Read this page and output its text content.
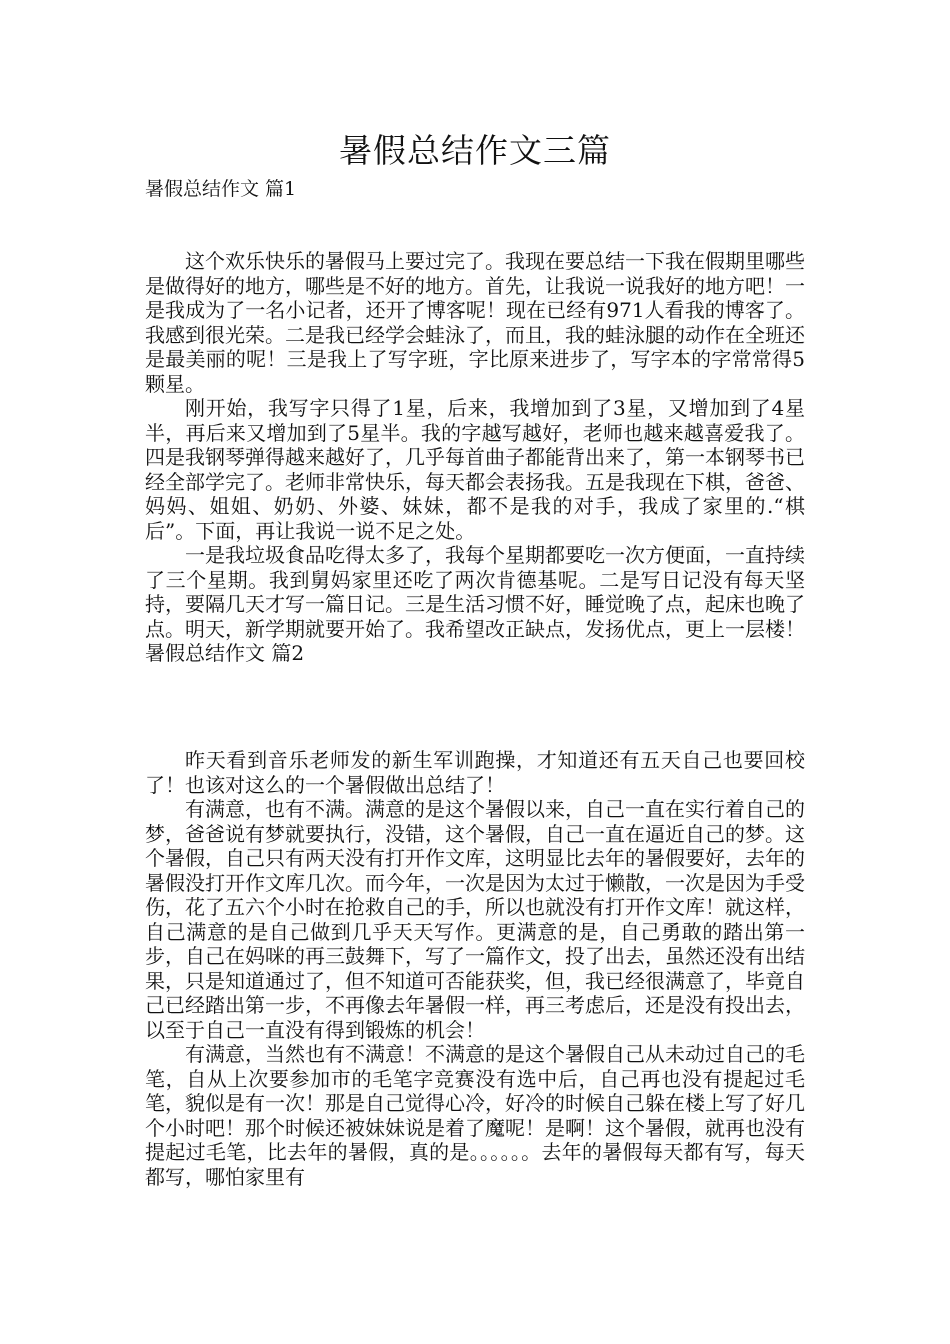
暑假总结作文三篇
暑假总结作文 篇1

这个欢乐快乐的暑假马上要过完了。我现在要总结一下我在假期里哪些是做得好的地方，哪些是不好的地方。首先，让我说一说我好的地方吧！一是我成为了一名小记者，还开了博客呢！现在已经有971人看我的博客了。我感到很光荣。二是我已经学会蛙泳了，而且，我的蛙泳腿的动作在全班还是最美丽的呢！三是我上了写字班，字比原来进步了，写字本的字常常得5颗星。

刚开始，我写字只得了1星，后来，我增加到了3星，又增加到了4星半，再后来又增加到了5星半。我的字越写越好，老师也越来越喜爱我了。四是我钢琴弹得越来越好了，几乎每首曲子都能背出来了，第一本钢琴书已经全部学完了。老师非常快乐，每天都会表扬我。五是我现在下棋，爸爸、妈妈、姐姐、奶奶、外婆、妹妹，都不是我的对手，我成了家里的.“棋后”。下面，再让我说一说不足之处。

一是我垃圾食品吃得太多了，我每个星期都要吃一次方便面，一直持续了三个星期。我到舅妈家里还吃了两次肯德基呢。二是写日记没有每天坚持，要隔几天才写一篇日记。三是生活习惯不好，睡觉晚了点，起床也晚了点。明天，新学期就要开始了。我希望改正缺点，发扬优点，更上一层楼！暑假总结作文 篇2

昨天看到音乐老师发的新生军训跑操，才知道还有五天自己也要回校了！也该对这么的一个暑假做出总结了！

有满意，也有不满。满意的是这个暑假以来，自己一直在实行着自己的梦，爸爸说有梦就要执行，没错，这个暑假，自己一直在逼近自己的梦。这个暑假，自己只有两天没有打开作文库，这明显比去年的暑假要好，去年的暑假没打开作文库几次。而今年，一次是因为太过于懒散，一次是因为手受伤，花了五六个小时在抢救自己的手，所以也就没有打开作文库！就这样，自己满意的是自己做到几乎天天写作。更满意的是，自己勇敢的踏出第一步，自己在妈咪的再三鼓舞下，写了一篇作文，投了出去，虽然还没有出结果，只是知道通过了，但不知道可否能获奖，但，我已经很满意了，毕竟自己已经踏出第一步，不再像去年暑假一样，再三考虑后，还是没有投出去，以至于自己一直没有得到锻炼的机会！

有满意，当然也有不满意！不满意的是这个暑假自己从未动过自己的毛笔，自从上次要参加市的毛笔字竞赛没有选中后，自己再也没有提起过毛笔，貌似是有一次！那是自己觉得心冷，好冷的时候自己躲在楼上写了好几个小时吧！那个时候还被妹妹说是着了魔呢！是啊！这个暑假，就再也没有提起过毛笔，比去年的暑假，真的是。。。。。。去年的暑假每天都有写，每天都写，哪怕家里有
